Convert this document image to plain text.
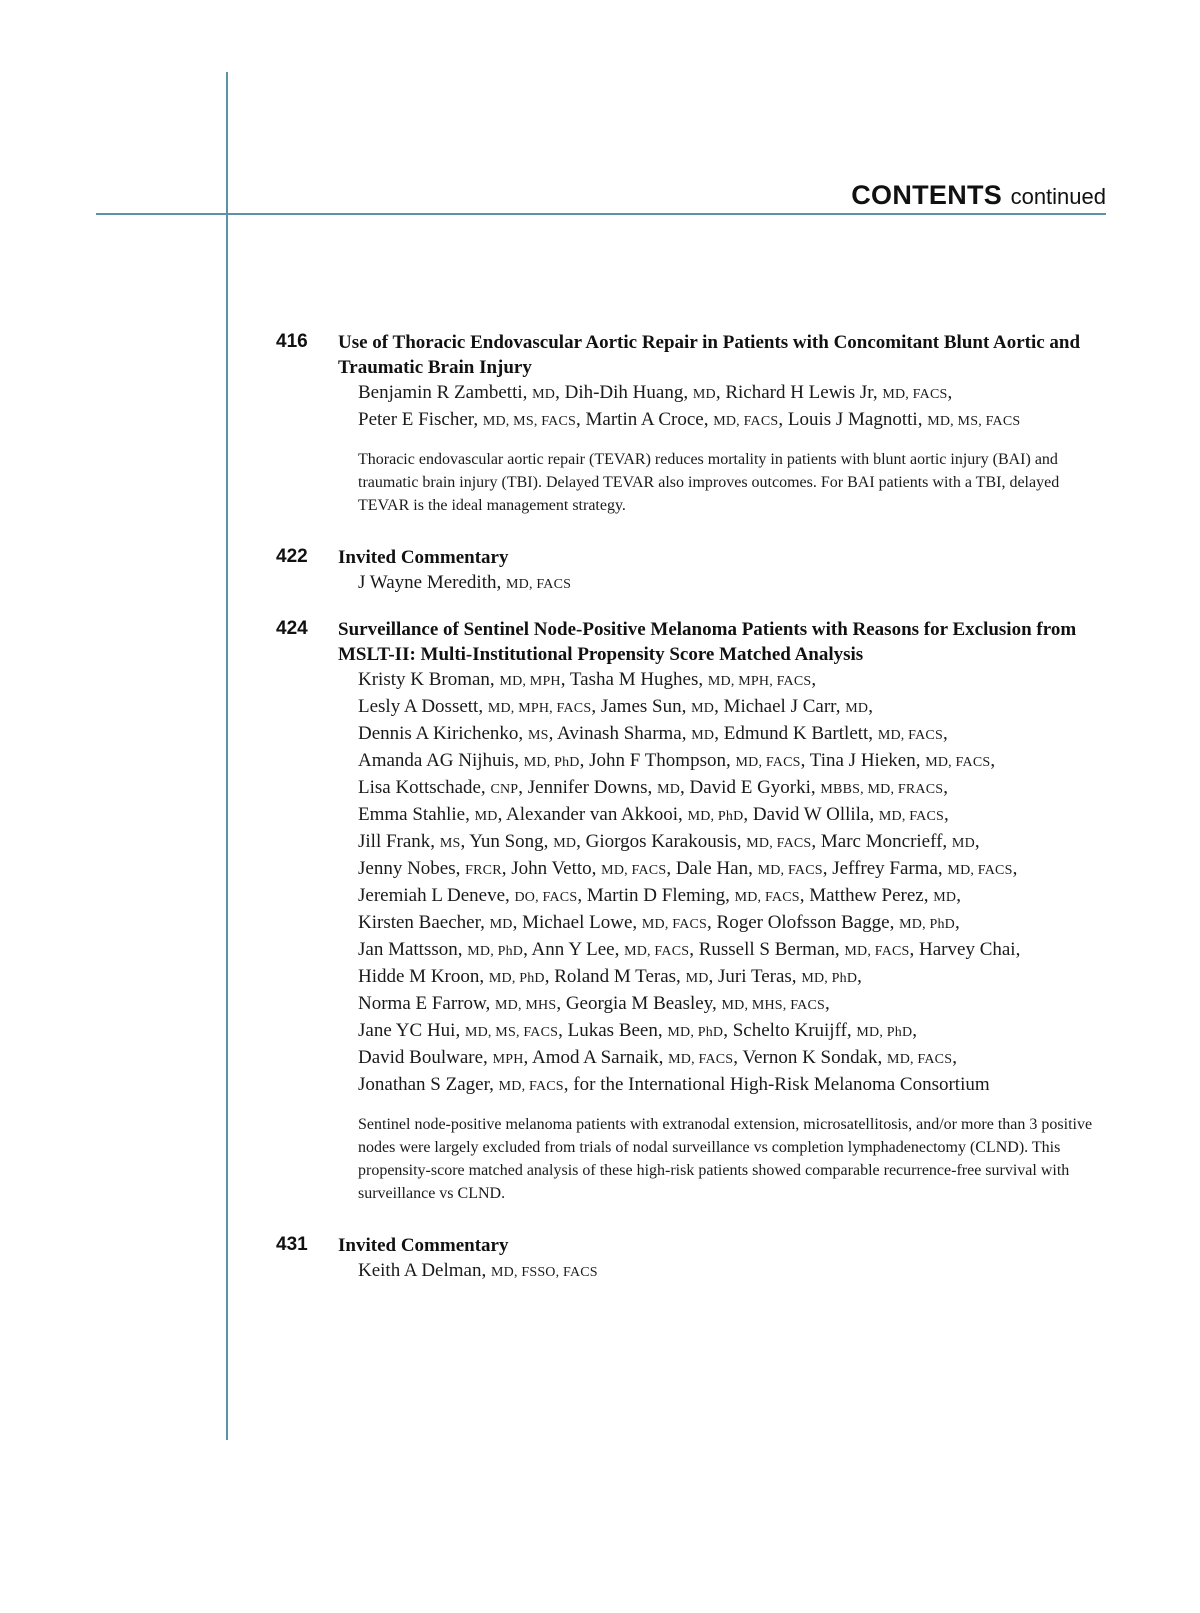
CONTENTS continued
416 Use of Thoracic Endovascular Aortic Repair in Patients with Concomitant Blunt Aortic and Traumatic Brain Injury
Benjamin R Zambetti, MD, Dih-Dih Huang, MD, Richard H Lewis Jr, MD, FACS,
Peter E Fischer, MD, MS, FACS, Martin A Croce, MD, FACS, Louis J Magnotti, MD, MS, FACS
Thoracic endovascular aortic repair (TEVAR) reduces mortality in patients with blunt aortic injury (BAI) and traumatic brain injury (TBI). Delayed TEVAR also improves outcomes. For BAI patients with a TBI, delayed TEVAR is the ideal management strategy.
422 Invited Commentary
J Wayne Meredith, MD, FACS
424 Surveillance of Sentinel Node-Positive Melanoma Patients with Reasons for Exclusion from MSLT-II: Multi-Institutional Propensity Score Matched Analysis
Kristy K Broman, MD, MPH, Tasha M Hughes, MD, MPH, FACS,
Lesly A Dossett, MD, MPH, FACS, James Sun, MD, Michael J Carr, MD,
Dennis A Kirichenko, MS, Avinash Sharma, MD, Edmund K Bartlett, MD, FACS,
Amanda AG Nijhuis, MD, PhD, John F Thompson, MD, FACS, Tina J Hieken, MD, FACS,
Lisa Kottschade, CNP, Jennifer Downs, MD, David E Gyorki, MBBS, MD, FRACS,
Emma Stahlie, MD, Alexander van Akkooi, MD, PhD, David W Ollila, MD, FACS,
Jill Frank, MS, Yun Song, MD, Giorgos Karakousis, MD, FACS, Marc Moncrieff, MD,
Jenny Nobes, FRCR, John Vetto, MD, FACS, Dale Han, MD, FACS, Jeffrey Farma, MD, FACS,
Jeremiah L Deneve, DO, FACS, Martin D Fleming, MD, FACS, Matthew Perez, MD,
Kirsten Baecher, MD, Michael Lowe, MD, FACS, Roger Olofsson Bagge, MD, PhD,
Jan Mattsson, MD, PhD, Ann Y Lee, MD, FACS, Russell S Berman, MD, FACS, Harvey Chai,
Hidde M Kroon, MD, PhD, Roland M Teras, MD, Juri Teras, MD, PhD,
Norma E Farrow, MD, MHS, Georgia M Beasley, MD, MHS, FACS,
Jane YC Hui, MD, MS, FACS, Lukas Been, MD, PhD, Schelto Kruijff, MD, PhD,
David Boulware, MPH, Amod A Sarnaik, MD, FACS, Vernon K Sondak, MD, FACS,
Jonathan S Zager, MD, FACS, for the International High-Risk Melanoma Consortium
Sentinel node-positive melanoma patients with extranodal extension, microsatellitosis, and/or more than 3 positive nodes were largely excluded from trials of nodal surveillance vs completion lymphadenectomy (CLND). This propensity-score matched analysis of these high-risk patients showed comparable recurrence-free survival with surveillance vs CLND.
431 Invited Commentary
Keith A Delman, MD, FSSO, FACS
